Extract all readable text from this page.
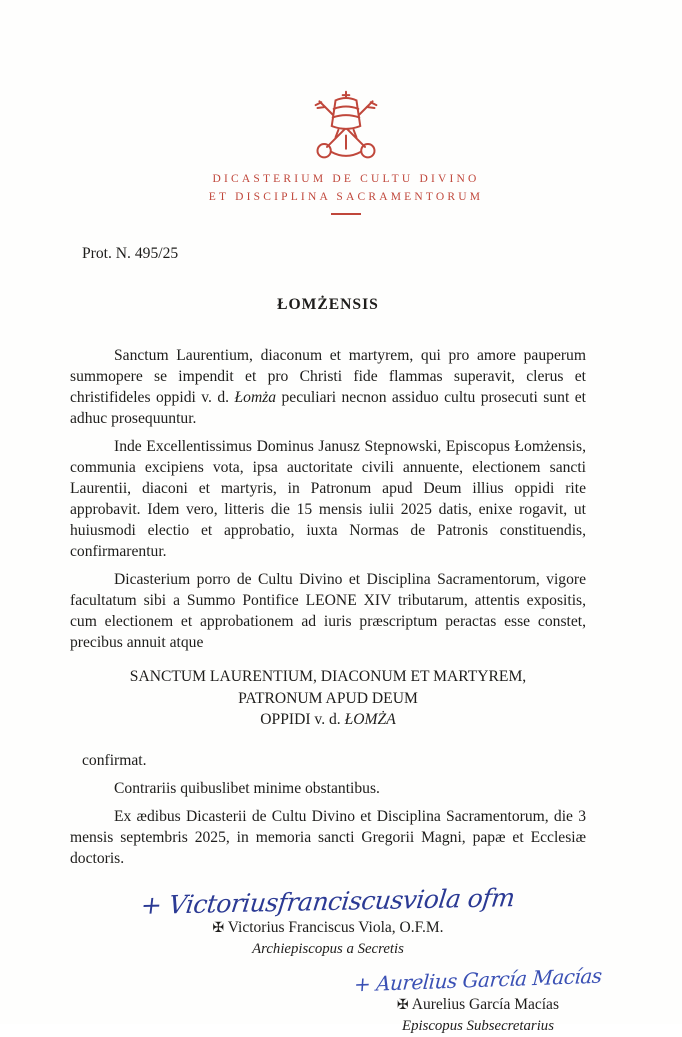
DICASTERIUM DE CULTU DIVINO
ET DISCIPLINA SACRAMENTORUM
Prot. N. 495/25
ŁOMŻENSIS

Sanctum Laurentium, diaconum et martyrem, qui pro amore pauperum summopere se impendit et pro Christi fide flammas superavit, clerus et christifideles oppidi v. d. Łomża peculiari necnon assiduo cultu prosecuti sunt et adhuc prosequuntur.

Inde Excellentissimus Dominus Janusz Stepnowski, Episcopus Łomżensis, communia excipiens vota, ipsa auctoritate civili annuente, electionem sancti Laurentii, diaconi et martyris, in Patronum apud Deum illius oppidi rite approbavit. Idem vero, litteris die 15 mensis iulii 2025 datis, enixe rogavit, ut huiusmodi electio et approbatio, iuxta Normas de Patronis constituendis, confirmarentur.

Dicasterium porro de Cultu Divino et Disciplina Sacramentorum, vigore facultatum sibi a Summo Pontifice LEONE XIV tributarum, attentis expositis, cum electionem et approbationem ad iuris præscriptum peractas esse constet, precibus annuit atque

SANCTUM LAURENTIUM, DIACONUM ET MARTYREM,
PATRONUM APUD DEUM
OPPIDI v. d. ŁOMŻA
confirmat.

Contrariis quibuslibet minime obstantibus.

Ex ædibus Dicasterii de Cultu Divino et Disciplina Sacramentorum, die 3 mensis septembris 2025, in memoria sancti Gregorii Magni, papæ et Ecclesiæ doctoris.

+ Victoriusfranciscusviola ofm
✠ Victorius Franciscus Viola, O.F.M.
Archiepiscopus a Secretis
+ Aurelius García Macías
✠ Aurelius García Macías
Episcopus Subsecretarius
